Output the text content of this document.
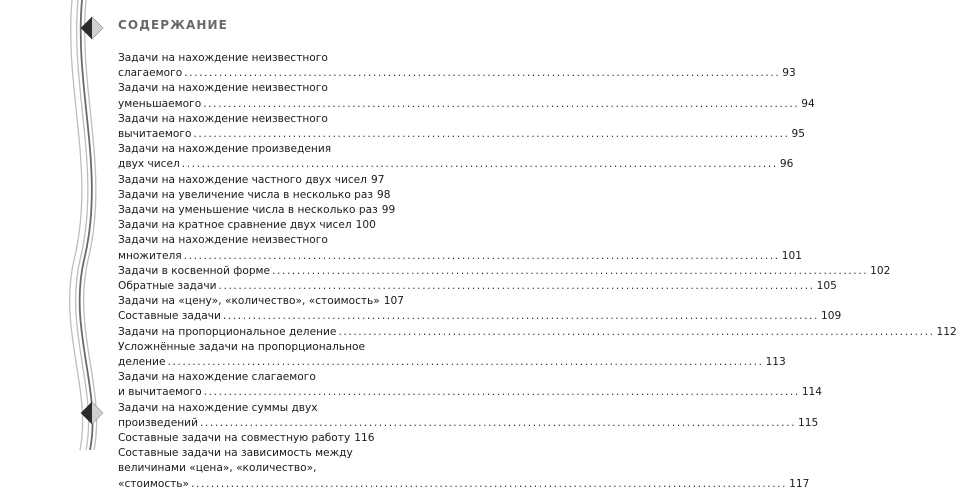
СОДЕРЖАНИЕ
Задачи на нахождение неизвестного
слагаемого ........................................................................................................................ 93
Задачи на нахождение неизвестного
уменьшаемого ........................................................................................................................ 94
Задачи на нахождение неизвестного
вычитаемого ........................................................................................................................ 95
Задачи на нахождение произведения
двух чисел ........................................................................................................................ 96
Задачи на нахождение частного двух чисел 97
Задачи на увеличение числа в несколько раз 98
Задачи на уменьшение числа в несколько раз 99
Задачи на кратное сравнение двух чисел 100
Задачи на нахождение неизвестного
множителя ........................................................................................................................ 101
Задачи в косвенной форме ........................................................................................................................ 102
Обратные задачи ........................................................................................................................ 105
Задачи на «цену», «количество», «стоимость» 107
Составные задачи ........................................................................................................................ 109
Задачи на пропорциональное деление ........................................................................................................................ 112
Усложнённые задачи на пропорциональное
деление ........................................................................................................................ 113
Задачи на нахождение слагаемого
и вычитаемого ........................................................................................................................ 114
Задачи на нахождение суммы двух
произведений ........................................................................................................................ 115
Составные задачи на совместную работу 116
Составные задачи на зависимость между
величинами «цена», «количество»,
«стоимость» ........................................................................................................................ 117
